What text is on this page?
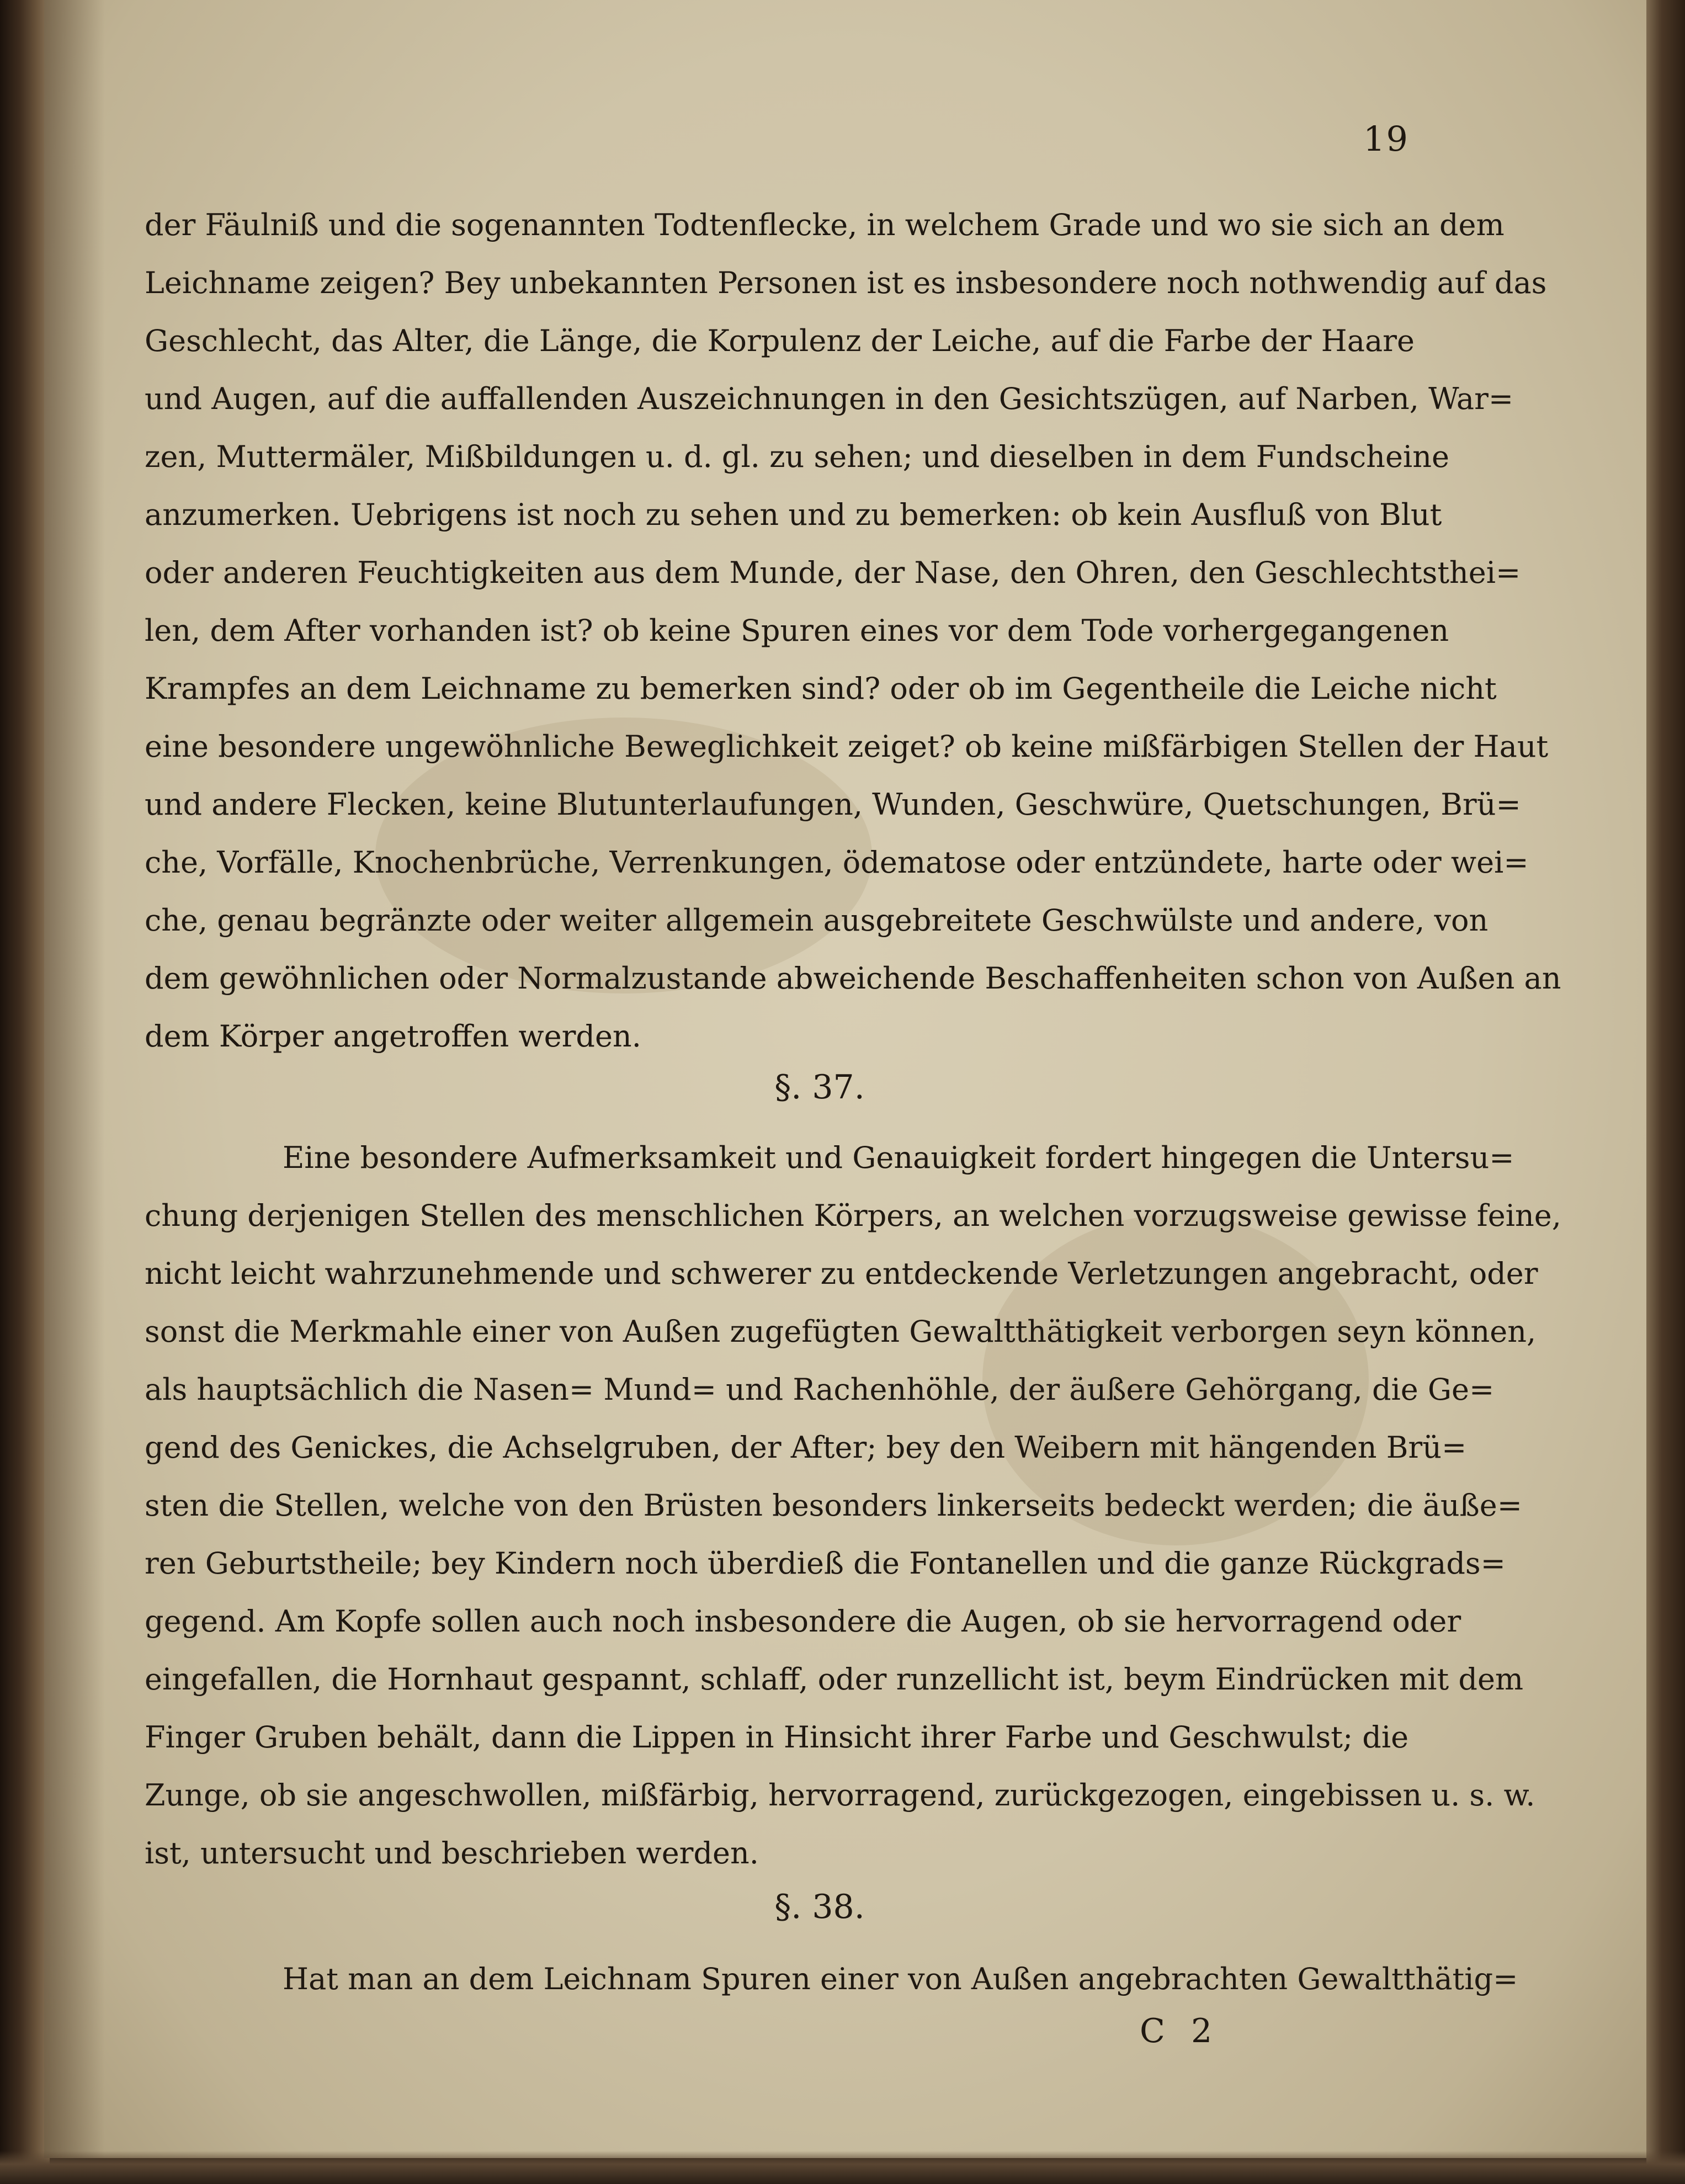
19
der Fäulniß und die sogenannten Todtenflecke, in welchem Grade und wo sie sich an dem
Leichname zeigen? Bey unbekannten Personen ist es insbesondere noch nothwendig auf das
Geschlecht, das Alter, die Länge, die Korpulenz der Leiche, auf die Farbe der Haare
und Augen, auf die auffallenden Auszeichnungen in den Gesichtszügen, auf Narben, War=
zen, Muttermäler, Mißbildungen u. d. gl. zu sehen; und dieselben in dem Fundscheine
anzumerken. Uebrigens ist noch zu sehen und zu bemerken: ob kein Ausfluß von Blut
oder anderen Feuchtigkeiten aus dem Munde, der Nase, den Ohren, den Geschlechtsthei=
len, dem After vorhanden ist? ob keine Spuren eines vor dem Tode vorhergegangenen
Krampfes an dem Leichname zu bemerken sind? oder ob im Gegentheile die Leiche nicht
eine besondere ungewöhnliche Beweglichkeit zeiget? ob keine mißfärbigen Stellen der Haut
und andere Flecken, keine Blutunterlaufungen, Wunden, Geschwüre, Quetschungen, Brü=
che, Vorfälle, Knochenbrüche, Verrenkungen, ödematose oder entzündete, harte oder wei=
che, genau begränzte oder weiter allgemein ausgebreitete Geschwülste und andere, von
dem gewöhnlichen oder Normalzustande abweichende Beschaffenheiten schon von Außen an
dem Körper angetroffen werden.
§. 37.
Eine besondere Aufmerksamkeit und Genauigkeit fordert hingegen die Untersu=
chung derjenigen Stellen des menschlichen Körpers, an welchen vorzugsweise gewisse feine,
nicht leicht wahrzunehmende und schwerer zu entdeckende Verletzungen angebracht, oder
sonst die Merkmahle einer von Außen zugefügten Gewaltthätigkeit verborgen seyn können,
als hauptsächlich die Nasen= Mund= und Rachenhöhle, der äußere Gehörgang, die Ge=
gend des Genickes, die Achselgruben, der After; bey den Weibern mit hängenden Brü=
sten die Stellen, welche von den Brüsten besonders linkerseits bedeckt werden; die äuße=
ren Geburtstheile; bey Kindern noch überdieß die Fontanellen und die ganze Rückgrads=
gegend. Am Kopfe sollen auch noch insbesondere die Augen, ob sie hervorragend oder
eingefallen, die Hornhaut gespannt, schlaff, oder runzellicht ist, beym Eindrücken mit dem
Finger Gruben behält, dann die Lippen in Hinsicht ihrer Farbe und Geschwulst; die
Zunge, ob sie angeschwollen, mißfärbig, hervorragend, zurückgezogen, eingebissen u. s. w.
ist, untersucht und beschrieben werden.
§. 38.
Hat man an dem Leichnam Spuren einer von Außen angebrachten Gewaltthätig=
C 2
